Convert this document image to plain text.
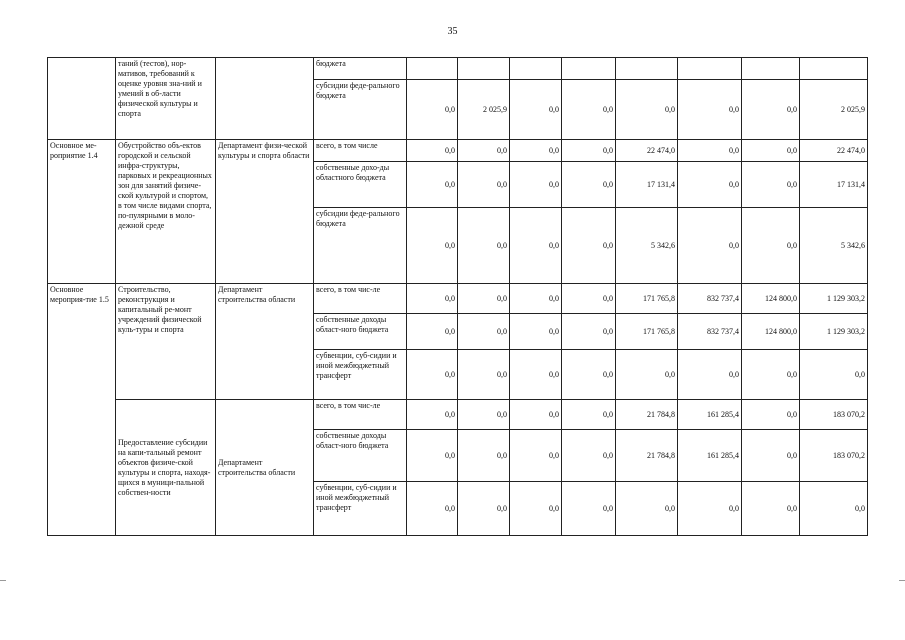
35
	таний (тестов), нор-мативов, требований к оценке уровня зна-ний и умений в об-ласти физической культуры и спорта		бюджета								
			субсидии феде-ральногo бюджета	0,0	2 025,9	0,0	0,0	0,0	0,0	0,0	2 025,9
Основное ме-роприятие 1.4	Обустройство объ-ектов городской и сельской инфра-структуры, парковых и рекреационных зон для занятий физиче-ской культурой и спортом, в том числе видами спорта, по-пулярными в моло-дежной среде	Департамент физи-ческой культуры и спорта области	всего, в том числе	0,0	0,0	0,0	0,0	22 474,0	0,0	0,0	22 474,0
			собственные дохо-ды областного бюджета	0,0	0,0	0,0	0,0	17 131,4	0,0	0,0	17 131,4
			субсидии феде-ральногo бюджета	0,0	0,0	0,0	0,0	5 342,6	0,0	0,0	5 342,6
Основное мероприя-тие 1.5	Строительство, реконструкция и капитальный ре-монт учреждений физической куль-туры и спорта	Департамент строительства области	всего, в том чис-ле	0,0	0,0	0,0	0,0	171 765,8	832 737,4	124 800,0	1 129 303,2
			собственные доходы област-ного бюджета	0,0	0,0	0,0	0,0	171 765,8	832 737,4	124 800,0	1 129 303,2
			субвенции, суб-сидии и иной межбюджетный трансферт	0,0	0,0	0,0	0,0	0,0	0,0	0,0	0,0
	Предоставление субсидии на капи-тальный ремонт объектов физиче-ской культуры и спорта, находя-щихся в муници-пальной собствен-ности	Департамент строительства области	всего, в том чис-ле	0,0	0,0	0,0	0,0	21 784,8	161 285,4	0,0	183 070,2
			собственные доходы област-ного бюджета	0,0	0,0	0,0	0,0	21 784,8	161 285,4	0,0	183 070,2
			субвенции, суб-сидии и иной межбюджетный трансферт	0,0	0,0	0,0	0,0	0,0	0,0	0,0	0,0
